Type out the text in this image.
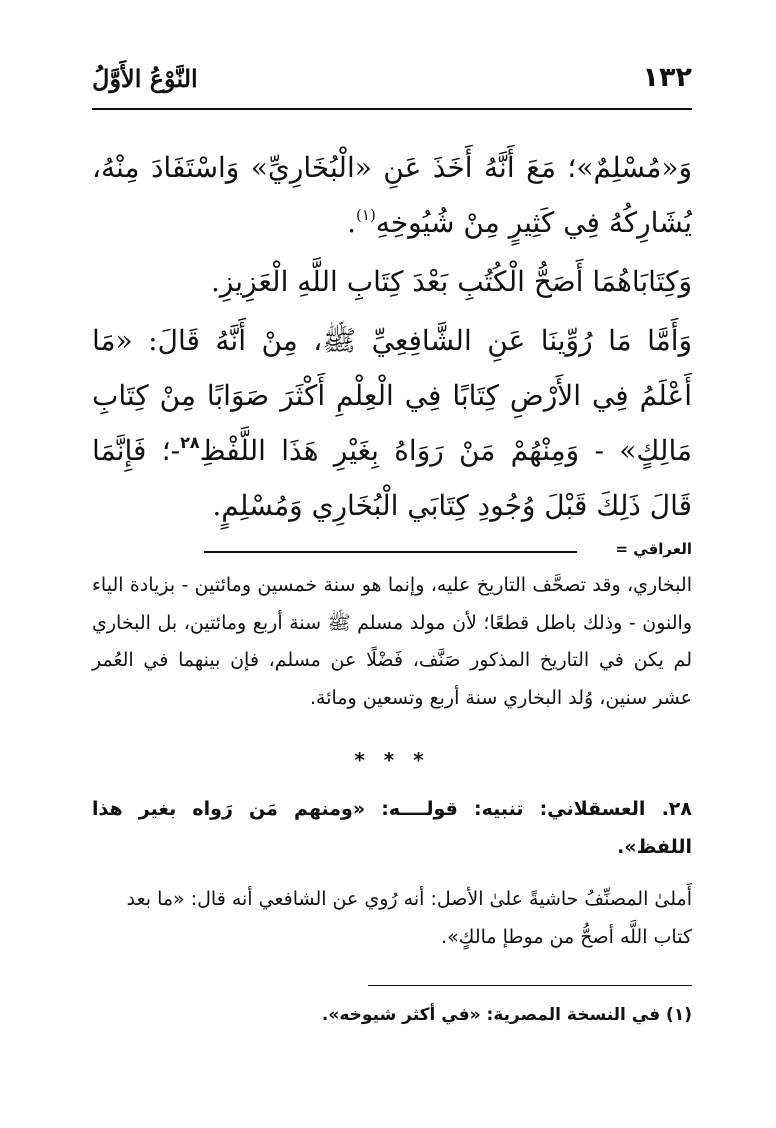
١٣٢
النَّوْعُ الأَوَّلُ

وَ«مُسْلِمٌ»؛ مَعَ أَنَّهُ أَخَذَ عَنِ «الْبُخَارِيِّ» وَاسْتَفَادَ مِنْهُ، يُشَارِكُهُ فِي كَثِيرٍ مِنْ شُيُوخِهِ$^{(١)}$.

وَكِتَابَاهُمَا أَصَحُّ الْكُتُبِ بَعْدَ كِتَابِ اللَّهِ الْعَزِيزِ.

وَأَمَّا مَا رُوِّينَا عَنِ الشَّافِعِيِّ ﷺ، مِنْ أَنَّهُ قَالَ: «مَا أَعْلَمُ فِي الأَرْضِ كِتَابًا فِي الْعِلْمِ أَكْثَرَ صَوَابًا مِنْ كِتَابِ مَالِكٍ» - وَمِنْهُمْ مَنْ رَوَاهُ بِغَيْرِ هَذَا اللَّفْظِ$^{٢٨}$-؛ فَإِنَّمَا قَالَ ذَلِكَ قَبْلَ وُجُودِ كِتَابَي الْبُخَارِي وَمُسْلِمٍ.

العراقي =

البخاري، وقد تصحَّف التاريخ عليه، وإنما هو سنة خمسين ومائتين - بزيادة الياء والنون - وذلك باطل قطعًا؛ لأن مولد مسلم ﷺ سنة أربع ومائتين، بل البخاري لم يكن في التاريخ المذكور صَنَّف، فَضْلًا عن مسلم، فإن بينهما في العُمر عشر سنين، وُلد البخاري سنة أربع وتسعين ومائة.

* * *

٢٨. العسقلاني: تنبيه: قولــــه: «ومنهم مَن رَواه بغير هذا اللفظ».

أَملىٰ المصنِّفُ حاشيةً علىٰ الأصل: أنه رُوي عن الشافعي أنه قال: «ما بعد كتاب اللَّه أصحُّ من موطإ مالكٍ».

(١) في النسخة المصرية: «في أكثر شيوخه».
